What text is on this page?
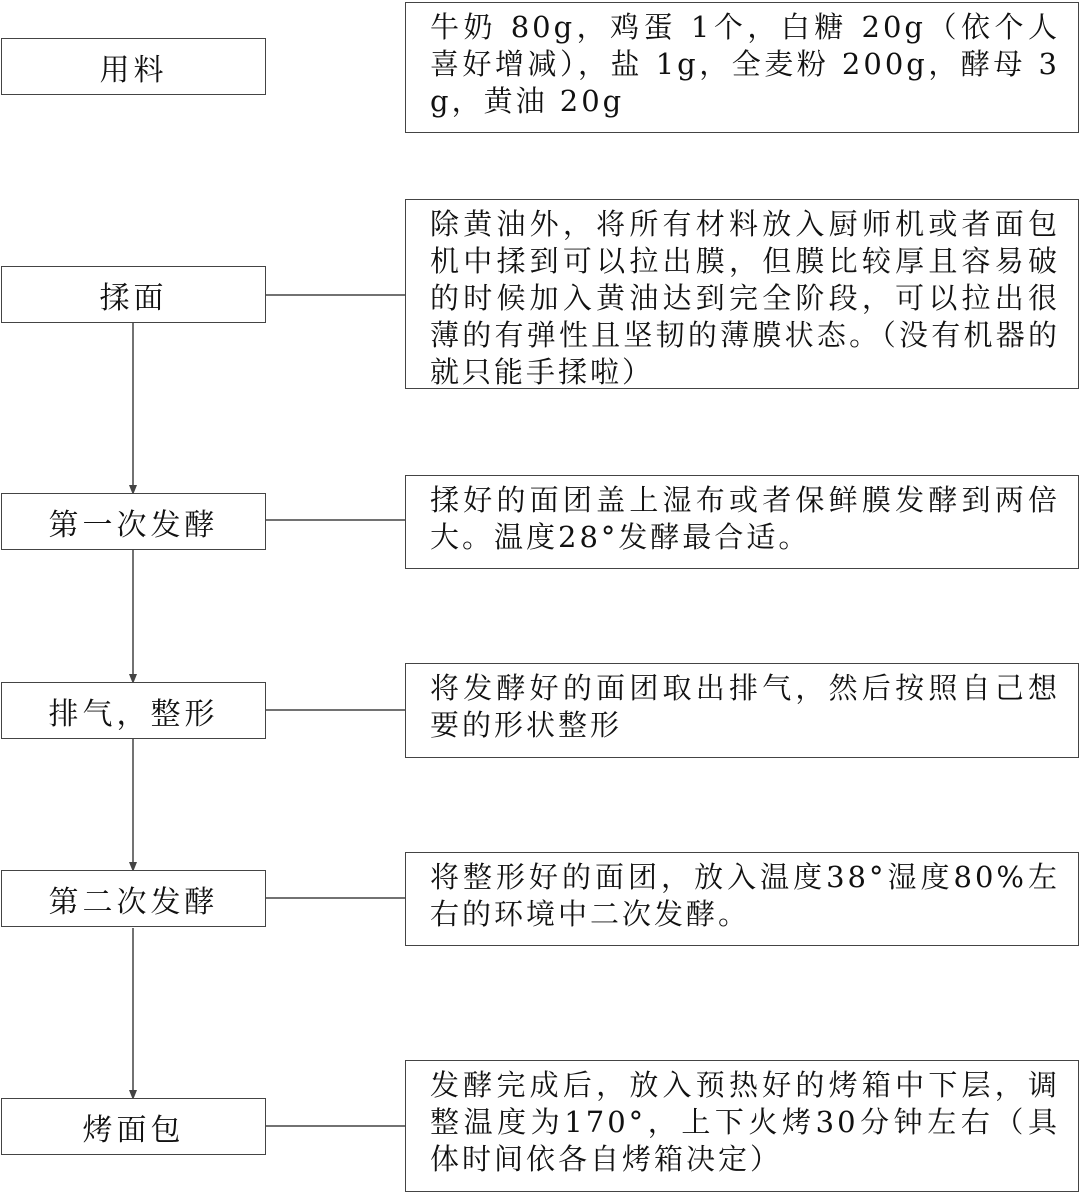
用料
牛奶 80g，鸡蛋 1个，白糖 20g（依个人喜好增减），盐 1g，全麦粉 200g，酵母 3g，黄油 20g
揉面
除黄油外，将所有材料放入厨师机或者面包机中揉到可以拉出膜，但膜比较厚且容易破的时候加入黄油达到完全阶段，可以拉出很薄的有弹性且坚韧的薄膜状态。（没有机器的就只能手揉啦）
第一次发酵
揉好的面团盖上湿布或者保鲜膜发酵到两倍大。温度28°发酵最合适。
排气，整形
将发酵好的面团取出排气，然后按照自己想要的形状整形
第二次发酵
将整形好的面团，放入温度38°湿度80%左右的环境中二次发酵。
烤面包
发酵完成后，放入预热好的烤箱中下层，调整温度为170°，上下火烤30分钟左右（具体时间依各自烤箱决定）
